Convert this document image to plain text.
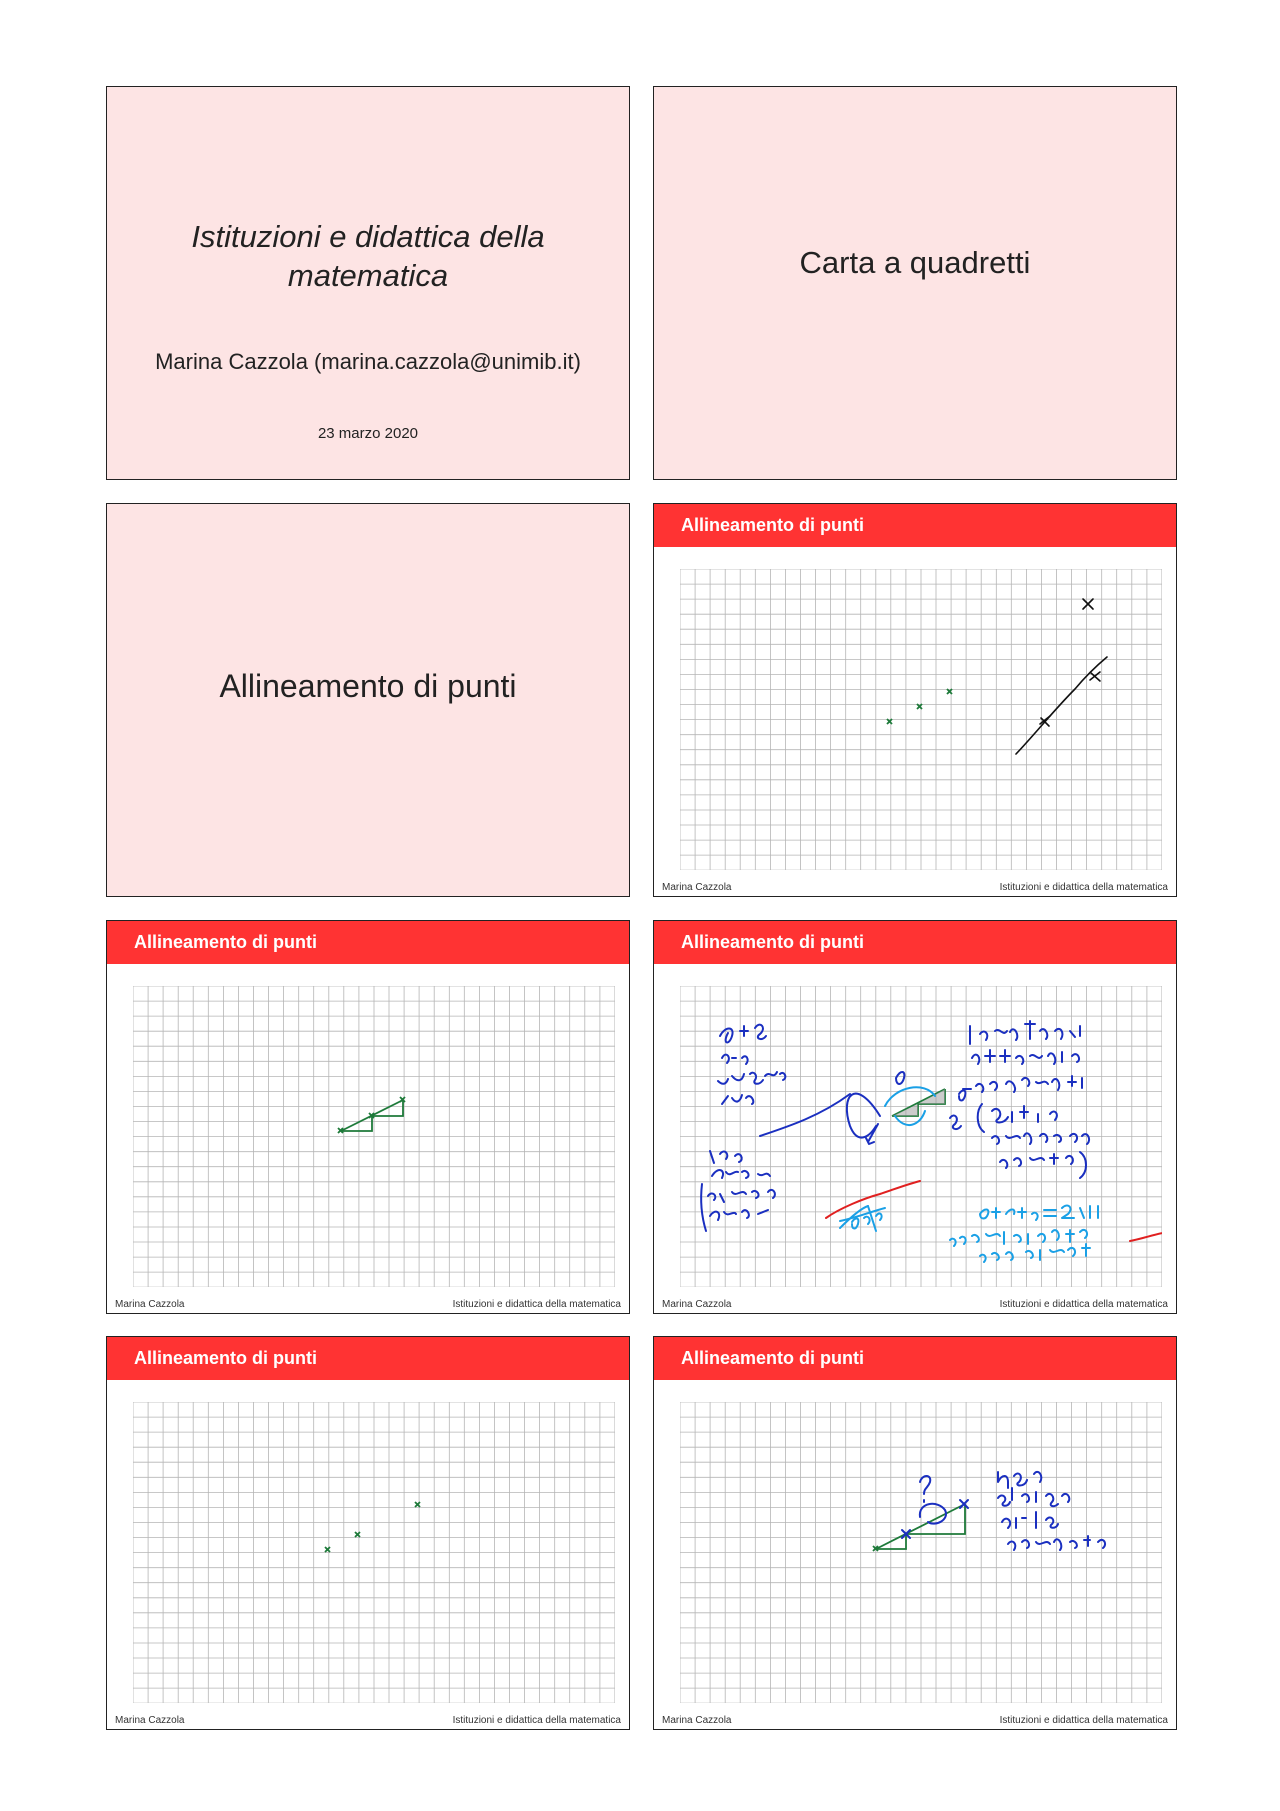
Istituzioni e didattica della matematica
Marina Cazzola (marina.cazzola@unimib.it)
23 marzo 2020
Carta a quadretti
Allineamento di punti
Allineamento di punti
Marina Cazzola	Istituzioni e didattica della matematica
Allineamento di punti
Marina Cazzola	Istituzioni e didattica della matematica
Allineamento di punti
Marina Cazzola	Istituzioni e didattica della matematica
Allineamento di punti
Marina Cazzola	Istituzioni e didattica della matematica
Allineamento di punti
Marina Cazzola	Istituzioni e didattica della matematica
